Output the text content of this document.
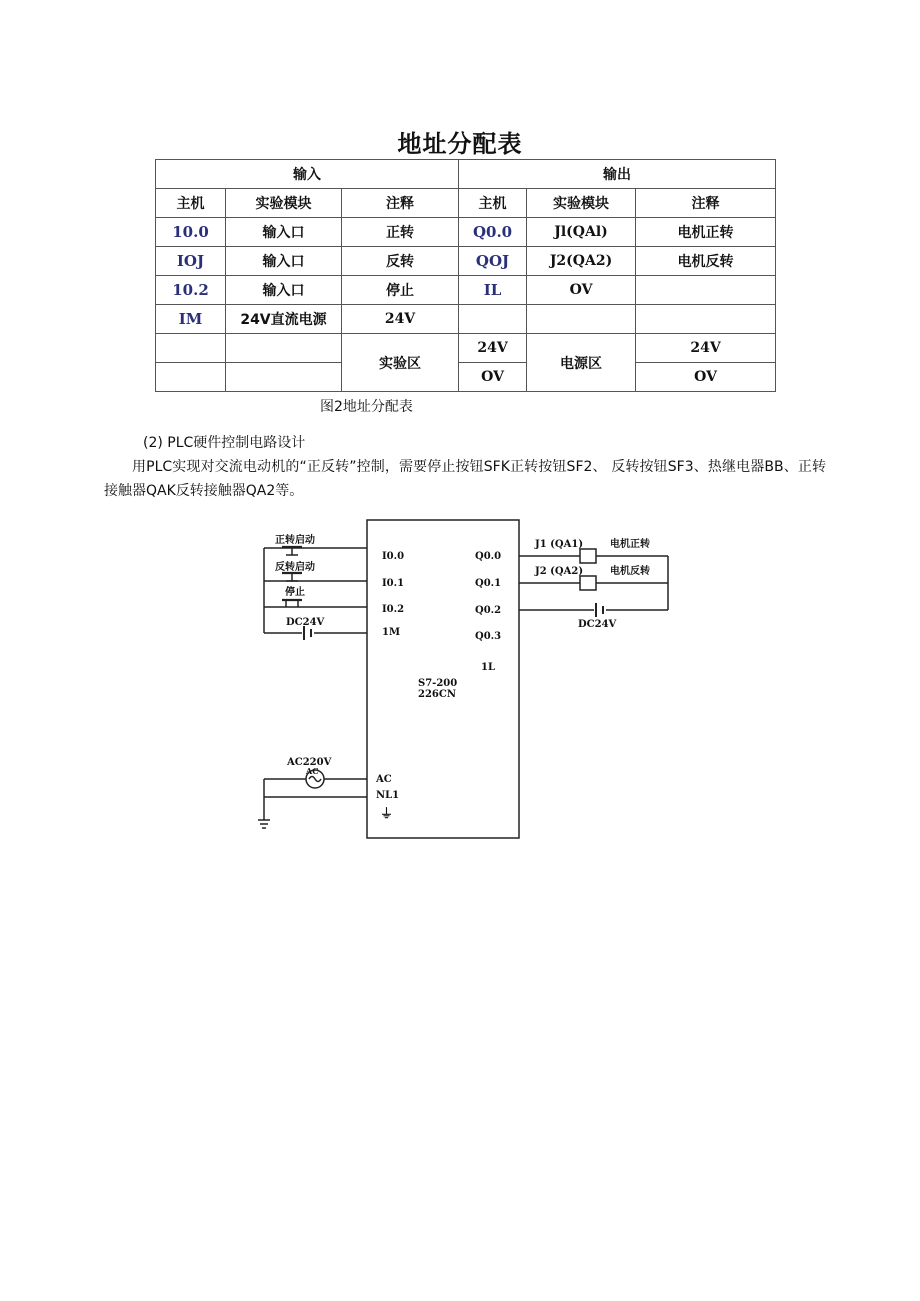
地址分配表
输入			输出		
主机	实验模块	注释	主机	实验模块	注释
10.0	输入口	正转	Q0.0	Jl(QAl)	电机正转
IOJ	输入口	反转	QOJ	J2(QA2)	电机反转
10.2	输入口	停止	IL	OV	
IM	24V直流电源	24V			
		实验区	24V	电源区	24V
			OV		OV
图2地址分配表
(2) PLC硬件控制电路设计
用PLC实现对交流电动机的“正反转”控制，需要停止按钮SFK正转按钮SF2、 反转按钮SF3、热继电器BB、正转接触器QAK反转接触器QA2等。
正转启动
反转启动
停止
DC24V
I0.0
I0.1
I0.2
1M
Q0.0
Q0.1
Q0.2
Q0.3
1L
S7-200
226CN
J1 (QA1)
J2 (QA2)
电机正转
电机反转
DC24V
AC220V
AC
AC
NL1
⏚
